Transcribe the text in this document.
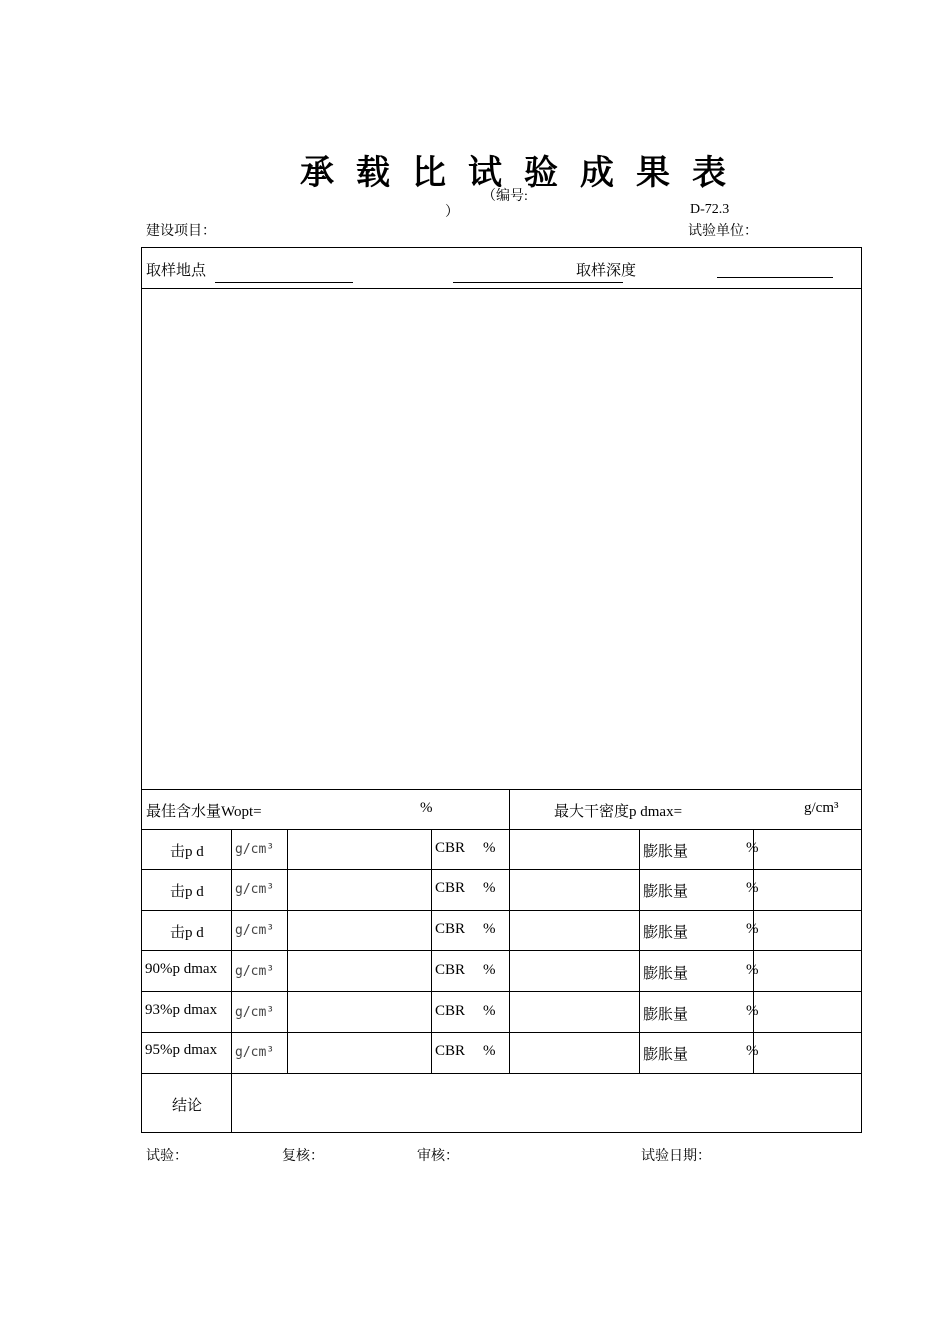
承载比试验成果表
（编号:
）	D-72.3
建设项目：	试验单位：
取样地点	取样深度
最佳含水量Wopt=	%	最大干密度p dmax=	g/cm³
击p d g/cm³	CBR %	膨胀量	%
击p d g/cm³	CBR %	膨胀量	%
击p d g/cm³	CBR %	膨胀量	%
90%p dmax g/cm³	CBR %	膨胀量	%
93%p dmax g/cm³	CBR %	膨胀量	%
95%p dmax g/cm³	CBR %	膨胀量	%
结论
试验：	复核：	审核：	试验日期：
